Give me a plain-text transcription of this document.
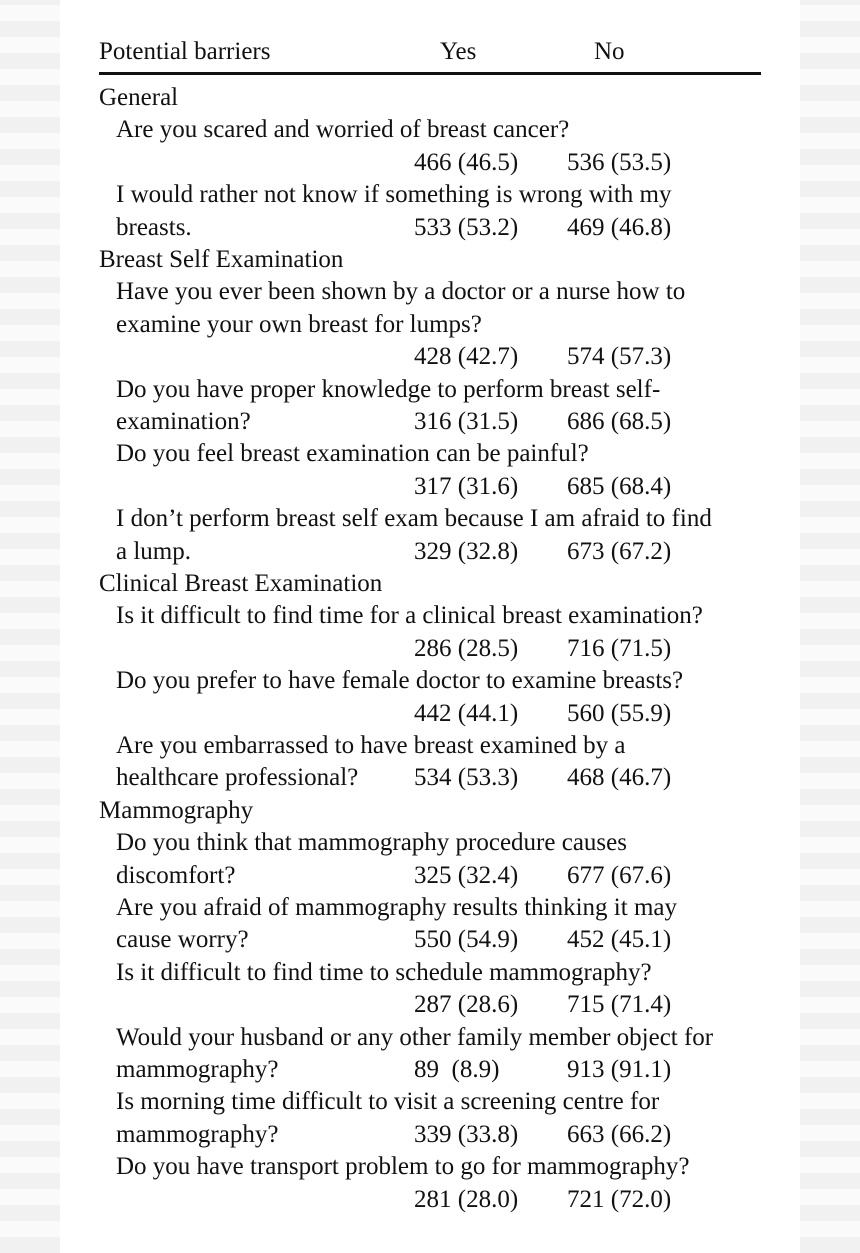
Potential barriers	Yes	No
General
Are you scared and worried of breast cancer?
466 (46.5) 536 (53.5)
I would rather not know if something is wrong with my
breasts.	533 (53.2) 469 (46.8)
Breast Self Examination
Have you ever been shown by a doctor or a nurse how to
examine your own breast for lumps?
428 (42.7) 574 (57.3)
Do you have proper knowledge to perform breast self-
examination?	316 (31.5) 686 (68.5)
Do you feel breast examination can be painful?
317 (31.6) 685 (68.4)
I don’t perform breast self exam because I am afraid to find
a lump.	329 (32.8) 673 (67.2)
Clinical Breast Examination
Is it difficult to find time for a clinical breast examination?
286 (28.5) 716 (71.5)
Do you prefer to have female doctor to examine breasts?
442 (44.1) 560 (55.9)
Are you embarrassed to have breast examined by a
healthcare professional? 534 (53.3) 468 (46.7)
Mammography
Do you think that mammography procedure causes
discomfort?	325 (32.4) 677 (67.6)
Are you afraid of mammography results thinking it may
cause worry?	550 (54.9) 452 (45.1)
Is it difficult to find time to schedule mammography?
287 (28.6) 715 (71.4)
Would your husband or any other family member object for
mammography?	89  (8.9)	913 (91.1)
Is morning time difficult to visit a screening centre for
mammography?	339 (33.8) 663 (66.2)
Do you have transport problem to go for mammography?
281 (28.0) 721 (72.0)
